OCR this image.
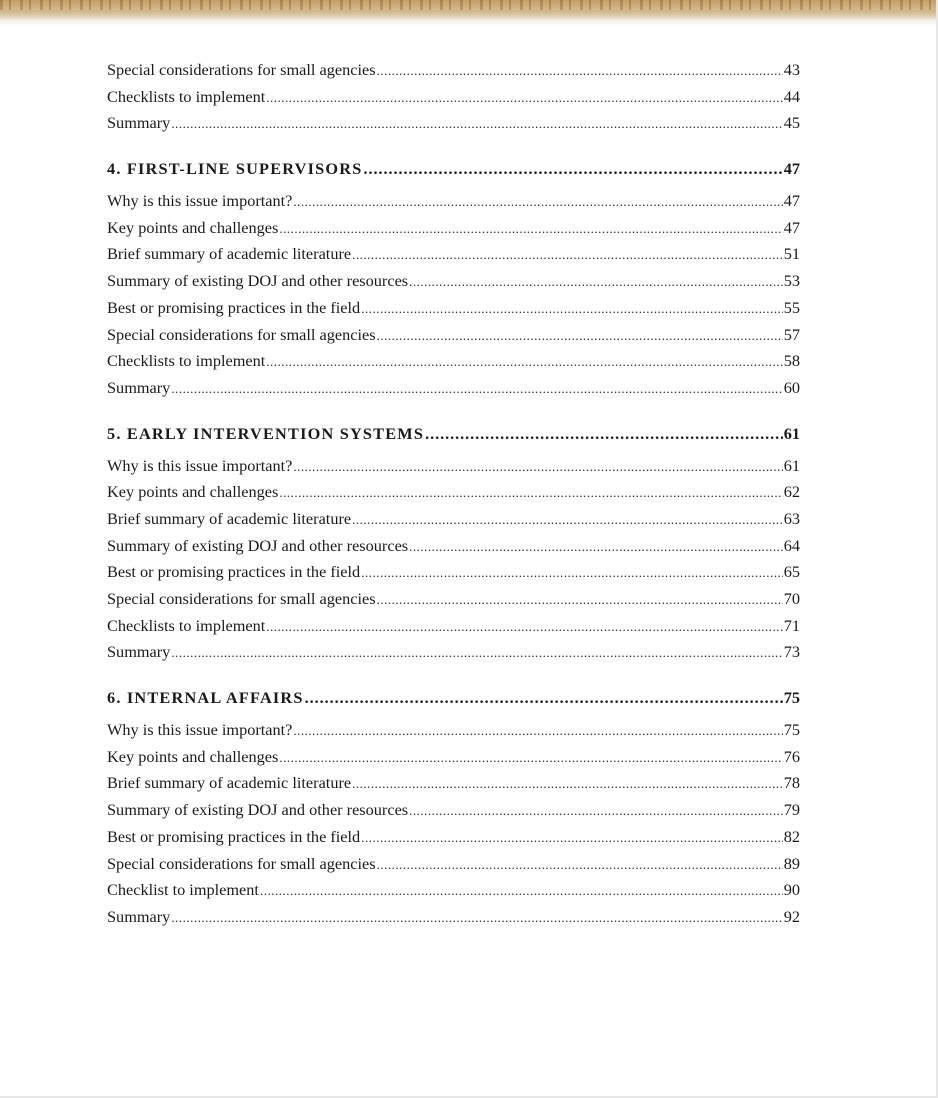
Special considerations for small agencies .....	43
Checklists to implement .....	44
Summary .....	45
4. FIRST-LINE SUPERVISORS .....	47
Why is this issue important? .....	47
Key points and challenges .....	47
Brief summary of academic literature .....	51
Summary of existing DOJ and other resources .....	53
Best or promising practices in the field .....	55
Special considerations for small agencies .....	57
Checklists to implement .....	58
Summary .....	60
5. EARLY INTERVENTION SYSTEMS .....	61
Why is this issue important? .....	61
Key points and challenges .....	62
Brief summary of academic literature .....	63
Summary of existing DOJ and other resources .....	64
Best or promising practices in the field .....	65
Special considerations for small agencies .....	70
Checklists to implement .....	71
Summary .....	73
6. INTERNAL AFFAIRS .....	75
Why is this issue important? .....	75
Key points and challenges .....	76
Brief summary of academic literature .....	78
Summary of existing DOJ and other resources .....	79
Best or promising practices in the field .....	82
Special considerations for small agencies .....	89
Checklist to implement .....	90
Summary .....	92
